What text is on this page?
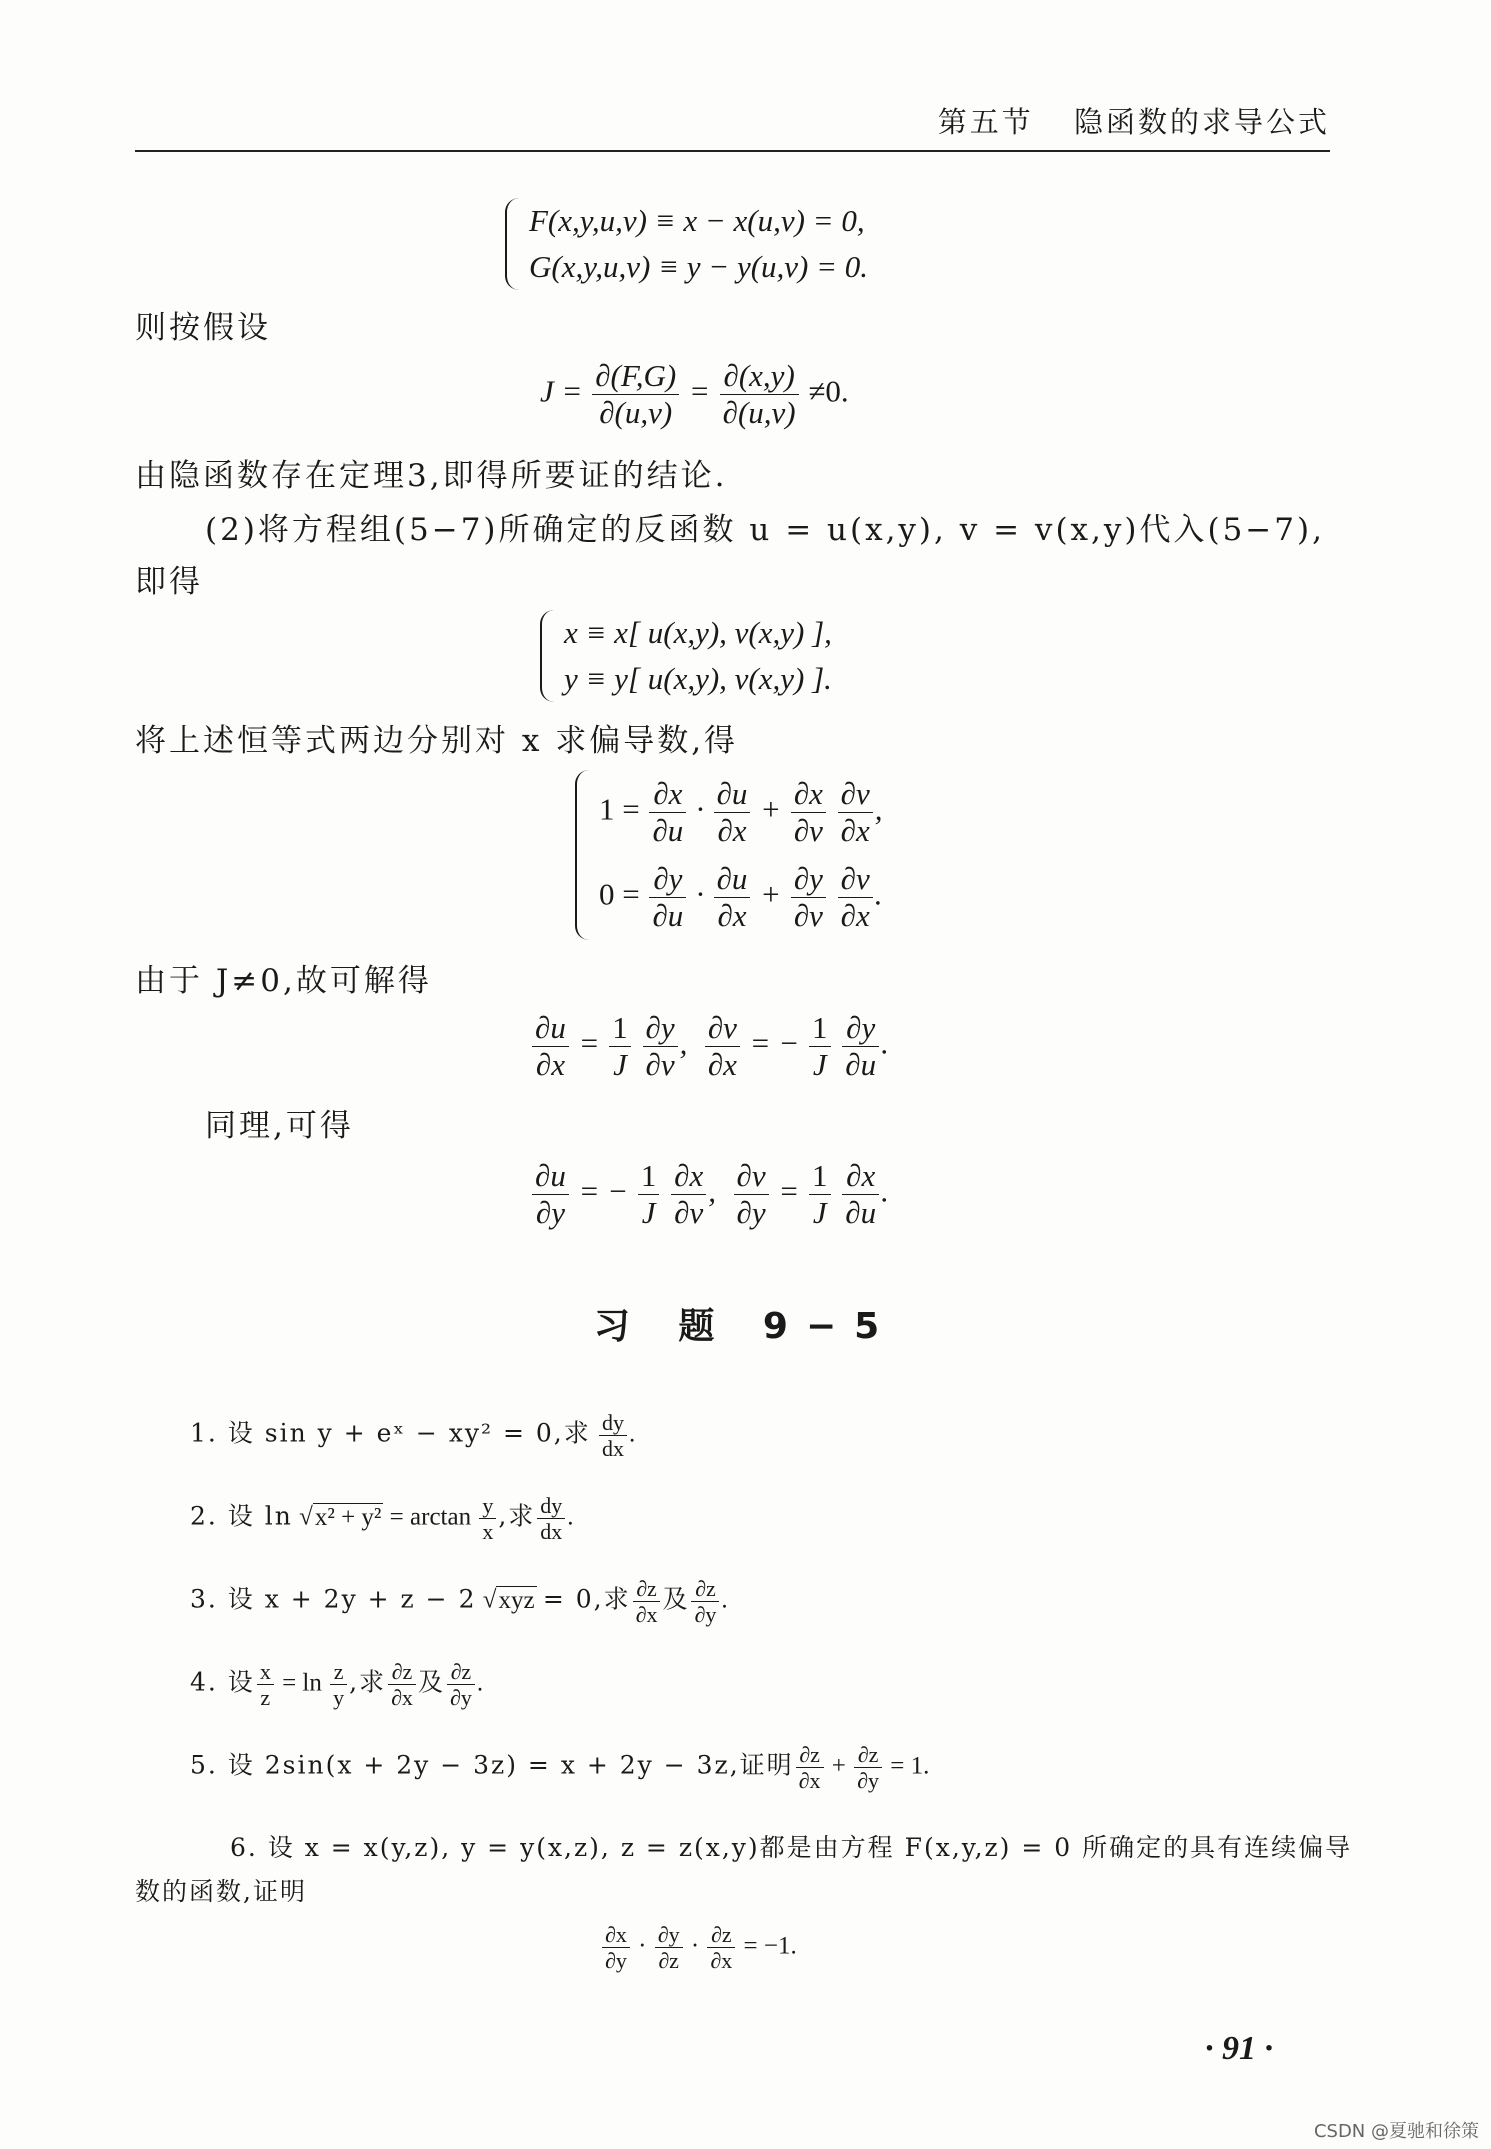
第五节 隐函数的求导公式
F(x,y,u,v) ≡ x − x(u,v) = 0,
G(x,y,u,v) ≡ y − y(u,v) = 0.
则按假设
$J = \frac{\partial(F,G)}{\partial(u,v)} = \frac{\partial(x,y)}{\partial(u,v)} \ne 0$.
由隐函数存在定理3,即得所要证的结论.
(2)将方程组(5−7)所确定的反函数 u = u(x,y), v = v(x,y)代入(5−7),
即得
x ≡ x[ u(x,y), v(x,y) ],
y ≡ y[ u(x,y), v(x,y) ].
将上述恒等式两边分别对 x 求偏导数,得
$1 = \frac{\partial x}{\partial u} \cdot \frac{\partial u}{\partial x} + \frac{\partial x}{\partial v}$
$\frac{\partial v}{\partial x}$ ,
$0 = \frac{\partial y}{\partial u} \cdot \frac{\partial u}{\partial x} + \frac{\partial y}{\partial v}$
$\frac{\partial v}{\partial x}$ .
由于 J≠0,故可解得
$\frac{\partial u}{\partial x} = \frac{1}{J}$
$\frac{\partial y}{\partial v}$ , $\frac{\partial v}{\partial x}$ = − $\frac{1}{J}$
$\frac{\partial y}{\partial u}$ .
同理,可得
$\frac{\partial u}{\partial y}$ = − $\frac{1}{J}$
$\frac{\partial x}{\partial v}$ , $\frac{\partial v}{\partial y} = \frac{1}{J}$
$\frac{\partial x}{\partial u}$ .
习 题 9−5
1. 设 sin y + eˣ − xy² = 0,求 $\frac{dy}{dx}$ .
2. 设 $\ln √x^2 + y^2 = \arctan \frac{y}{x}$ ,求 $\frac{dy}{dx}$ .
3. 设 x + 2y + z − 2 √xyz = 0,求 $\frac{\partial z}{\partial x}$ 及 $\frac{\partial z}{\partial y}$ .
4. 设 $\frac{x}{z} = \ln \frac{z}{y}$ ,求 $\frac{\partial z}{\partial x}$ 及 $\frac{\partial z}{\partial y}$ .
5. 设 2sin(x + 2y − 3z) = x + 2y − 3z,证明 $\frac{\partial z}{\partial x} + \frac{\partial z}{\partial y} = 1$.
6. 设 x = x(y,z), y = y(x,z), z = z(x,y)都是由方程 F(x,y,z) = 0 所确定的具有连续偏导
数的函数,证明
$\frac{\partial x}{\partial y} \cdot \frac{\partial y}{\partial z} \cdot \frac{\partial z}{\partial x} = -1$.
· 91 ·
CSDN @夏驰和徐策
